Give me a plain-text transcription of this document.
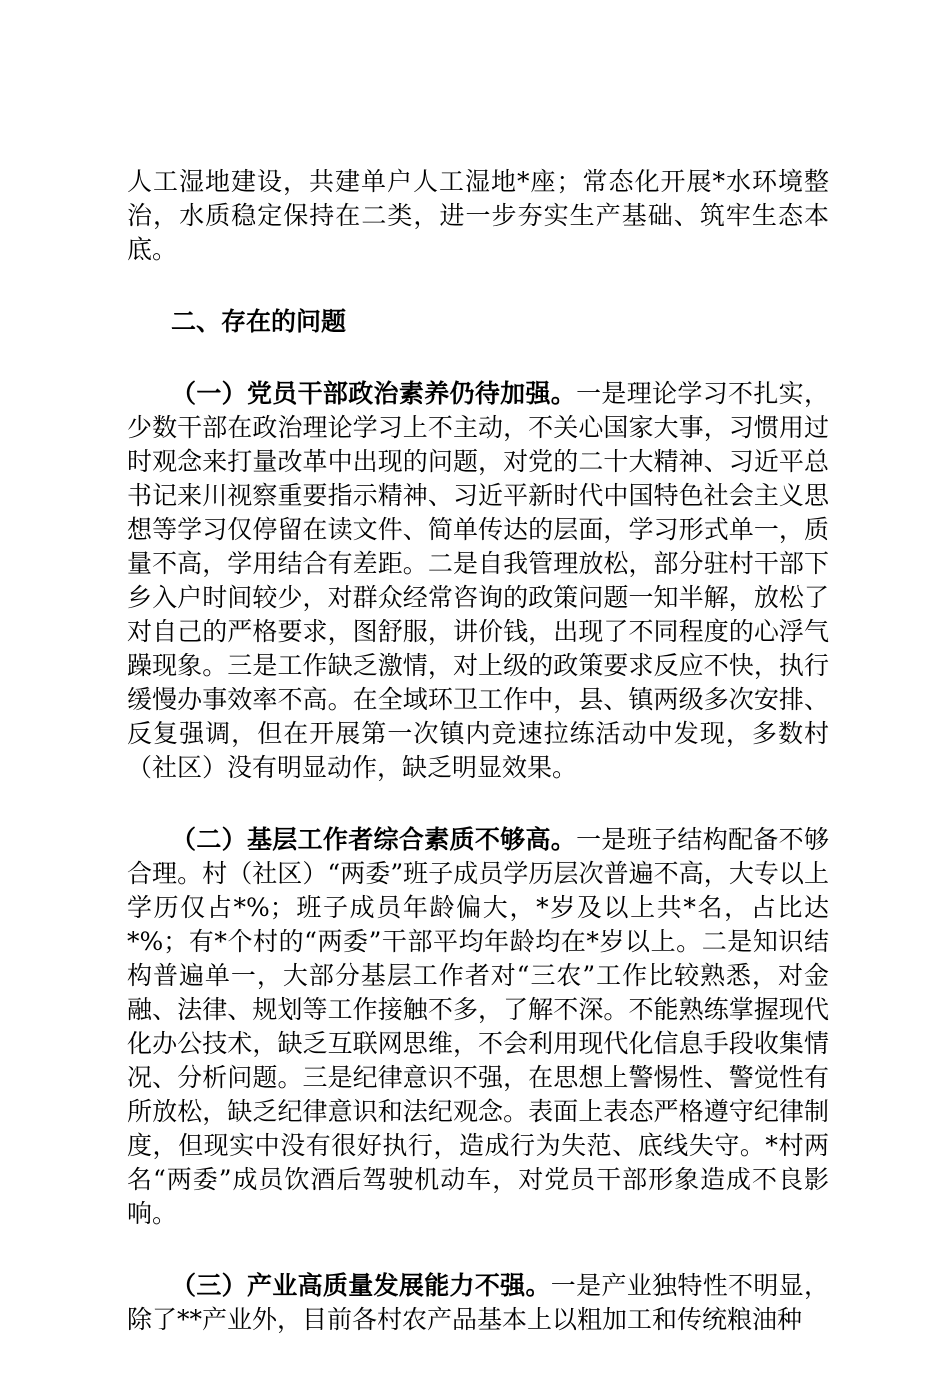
人工湿地建设，共建单户人工湿地*座；常态化开展*水环境整治，水质稳定保持在二类，进一步夯实生产基础、筑牢生态本底。

二、存在的问题

（一）党员干部政治素养仍待加强。一是理论学习不扎实，少数干部在政治理论学习上不主动，不关心国家大事，习惯用过时观念来打量改革中出现的问题，对党的二十大精神、习近平总书记来川视察重要指示精神、习近平新时代中国特色社会主义思想等学习仅停留在读文件、简单传达的层面，学习形式单一，质量不高，学用结合有差距。二是自我管理放松，部分驻村干部下乡入户时间较少，对群众经常咨询的政策问题一知半解，放松了对自己的严格要求，图舒服，讲价钱，出现了不同程度的心浮气躁现象。三是工作缺乏激情，对上级的政策要求反应不快，执行缓慢办事效率不高。在全域环卫工作中，县、镇两级多次安排、反复强调，但在开展第一次镇内竞速拉练活动中发现，多数村（社区）没有明显动作，缺乏明显效果。

（二）基层工作者综合素质不够高。一是班子结构配备不够合理。村（社区）“两委”班子成员学历层次普遍不高，大专以上学历仅占*%；班子成员年龄偏大，*岁及以上共*名，占比达*%；有*个村的“两委”干部平均年龄均在*岁以上。二是知识结构普遍单一，大部分基层工作者对“三农”工作比较熟悉，对金融、法律、规划等工作接触不多，了解不深。不能熟练掌握现代化办公技术，缺乏互联网思维，不会利用现代化信息手段收集情况、分析问题。三是纪律意识不强，在思想上警惕性、警觉性有所放松，缺乏纪律意识和法纪观念。表面上表态严格遵守纪律制度，但现实中没有很好执行，造成行为失范、底线失守。*村两名“两委”成员饮酒后驾驶机动车，对党员干部形象造成不良影响。

（三）产业高质量发展能力不强。一是产业独特性不明显，除了**产业外，目前各村农产品基本上以粗加工和传统粮油种
